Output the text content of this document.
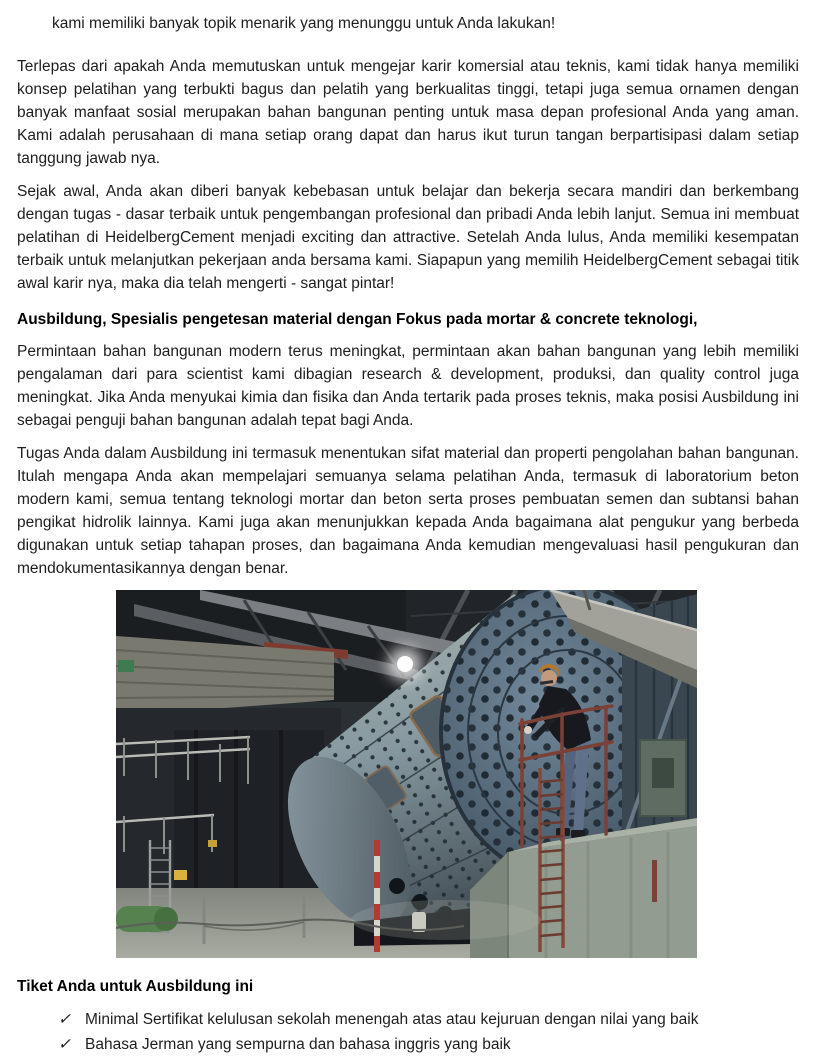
kami memiliki banyak topik menarik yang menunggu untuk Anda lakukan!

Terlepas dari apakah Anda memutuskan untuk mengejar karir komersial atau teknis, kami tidak hanya memiliki konsep pelatihan yang terbukti bagus dan pelatih yang berkualitas tinggi, tetapi juga semua ornamen dengan banyak manfaat sosial merupakan bahan bangunan penting untuk masa depan profesional Anda yang aman. Kami adalah perusahaan di mana setiap orang dapat dan harus ikut turun tangan berpartisipasi dalam setiap tanggung jawab nya.

Sejak awal, Anda akan diberi banyak kebebasan untuk belajar dan bekerja secara mandiri dan berkembang dengan tugas - dasar terbaik untuk pengembangan profesional dan pribadi Anda lebih lanjut. Semua ini membuat pelatihan di HeidelbergCement menjadi exciting dan attractive. Setelah Anda lulus, Anda memiliki kesempatan terbaik untuk melanjutkan pekerjaan anda bersama kami. Siapapun yang memilih HeidelbergCement sebagai titik awal karir nya, maka dia telah mengerti - sangat pintar!

Ausbildung, Spesialis pengetesan material dengan Fokus pada mortar & concrete teknologi,

Permintaan bahan bangunan modern terus meningkat, permintaan akan bahan bangunan yang lebih memiliki pengalaman dari para scientist kami dibagian research & development, produksi, dan quality control juga meningkat. Jika Anda menyukai kimia dan fisika dan Anda tertarik pada proses teknis, maka posisi Ausbildung ini sebagai penguji bahan bangunan adalah tepat bagi Anda.

Tugas Anda dalam Ausbildung ini termasuk menentukan sifat material dan properti pengolahan bahan bangunan. Itulah mengapa Anda akan mempelajari semuanya selama pelatihan Anda, termasuk di laboratorium beton modern kami, semua tentang teknologi mortar dan beton serta proses pembuatan semen dan subtansi bahan pengikat hidrolik lainnya. Kami juga akan menunjukkan kepada Anda bagaimana alat pengukur yang berbeda digunakan untuk setiap tahapan proses, dan bagaimana Anda kemudian mengevaluasi hasil pengukuran dan mendokumentasikannya dengan benar.

Tiket Anda untuk Ausbildung ini
✓ Minimal Sertifikat kelulusan sekolah menengah atas atau kejuruan dengan nilai yang baik
✓ Bahasa Jerman yang sempurna dan bahasa inggris yang baik
